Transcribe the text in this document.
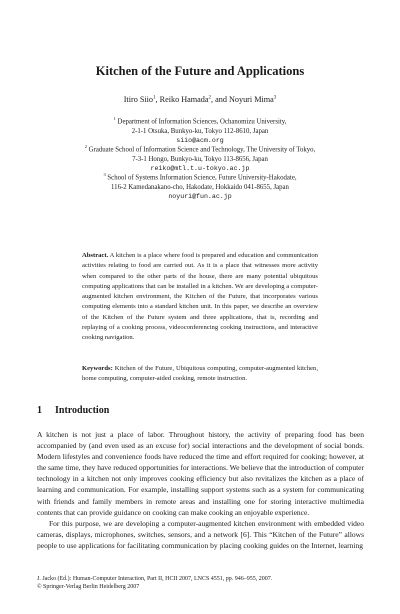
Kitchen of the Future and Applications
Itiro Siio$^1$, Reiko Hamada$^2$, and Noyuri Mima$^3$
$^1$ Department of Information Sciences, Ochanomizu University,
2-1-1 Otsuka, Bunkyo-ku, Tokyo 112-8610, Japan
siio@acm.org
$^2$ Graduate School of Information Science and Technology, The University of Tokyo,
7-3-1 Hongo, Bunkyo-ku, Tokyo 113-8656, Japan
reiko@mtl.t.u-tokyo.ac.jp
$^3$ School of Systems Information Science, Future University-Hakodate,
116-2 Kamedanakano-cho, Hakodate, Hokkaido 041-8655, Japan
noyuri@fun.ac.jp
Abstract. A kitchen is a place where food is prepared and education and communication activities relating to food are carried out. As it is a place that witnesses more activity when compared to the other parts of the house, there are many potential ubiquitous computing applications that can be installed in a kitchen. We are developing a computer-augmented kitchen environment, the Kitchen of the Future, that incorporates various computing elements into a standard kitchen unit. In this paper, we describe an overview of the Kitchen of the Future system and three applications, that is, recording and replaying of a cooking process, videoconferencing cooking instructions, and interactive cooking navigation.
Keywords: Kitchen of the Future, Ubiquitous computing, computer-augmented kitchen, home computing, computer-aided cooking, remote instruction.
1 Introduction

A kitchen is not just a place of labor. Throughout history, the activity of preparing food has been accompanied by (and even used as an excuse for) social interactions and the development of social bonds. Modern lifestyles and convenience foods have reduced the time and effort required for cooking; however, at the same time, they have reduced opportunities for interactions. We believe that the introduction of computer technology in a kitchen not only improves cooking efficiency but also revitalizes the kitchen as a place of learning and communication. For example, installing support systems such as a system for communicating with friends and family members in remote areas and installing one for storing interactive multimedia contents that can provide guidance on cooking can make cooking an enjoyable experience.

For this purpose, we are developing a computer-augmented kitchen environment with embedded video cameras, displays, microphones, switches, sensors, and a network [6]. This “Kitchen of the Future” allows people to use applications for facilitating communication by placing cooking guides on the Internet, learning

J. Jacko (Ed.): Human-Computer Interaction, Part II, HCII 2007, LNCS 4551, pp. 946–955, 2007.
© Springer-Verlag Berlin Heidelberg 2007
